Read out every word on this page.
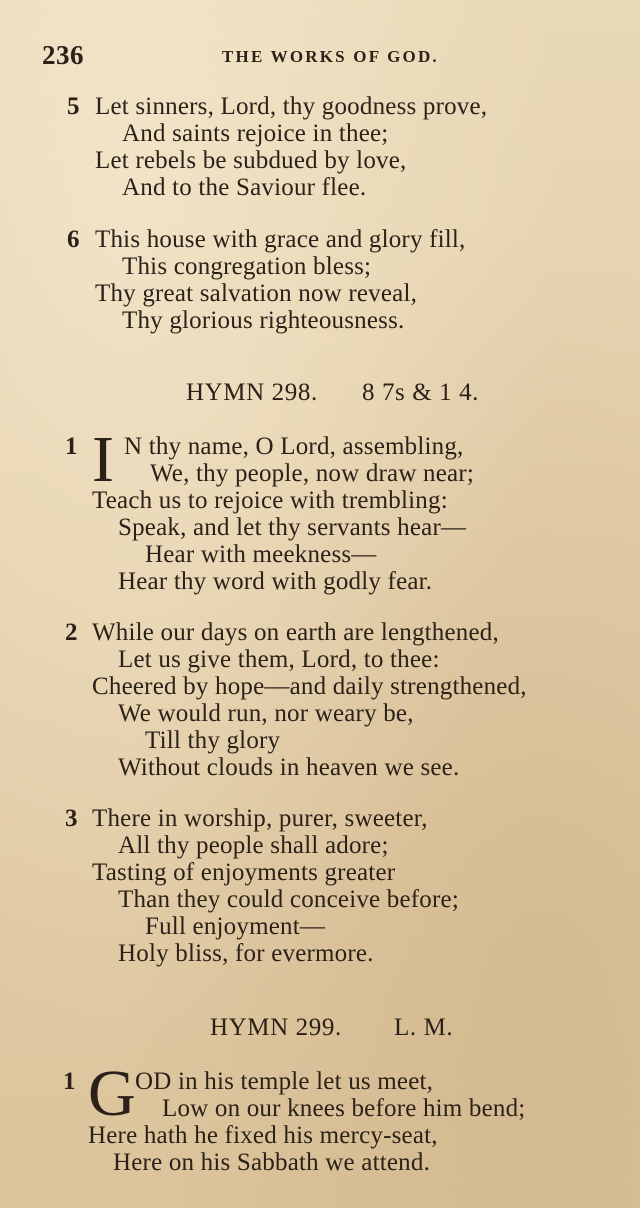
236	THE WORKS OF GOD.
5 Let sinners, Lord, thy goodness prove,
And saints rejoice in thee;
Let rebels be subdued by love,
And to the Saviour flee.
6 This house with grace and glory fill,
This congregation bless;
Thy great salvation now reveal,
Thy glorious righteousness.
HYMN 298. 8 7s & 1 4.
1 I N thy name, O Lord, assembling,
We, thy people, now draw near;
Teach us to rejoice with trembling:
Speak, and let thy servants hear—
Hear with meekness—
Hear thy word with godly fear.
2 While our days on earth are lengthened,
Let us give them, Lord, to thee:
Cheered by hope—and daily strengthened,
We would run, nor weary be,
Till thy glory
Without clouds in heaven we see.
3 There in worship, purer, sweeter,
All thy people shall adore;
Tasting of enjoyments greater
Than they could conceive before;
Full enjoyment—
Holy bliss, for evermore.
HYMN 299. L. M.
1 G OD in his temple let us meet,
Low on our knees before him bend;
Here hath he fixed his mercy-seat,
Here on his Sabbath we attend.
